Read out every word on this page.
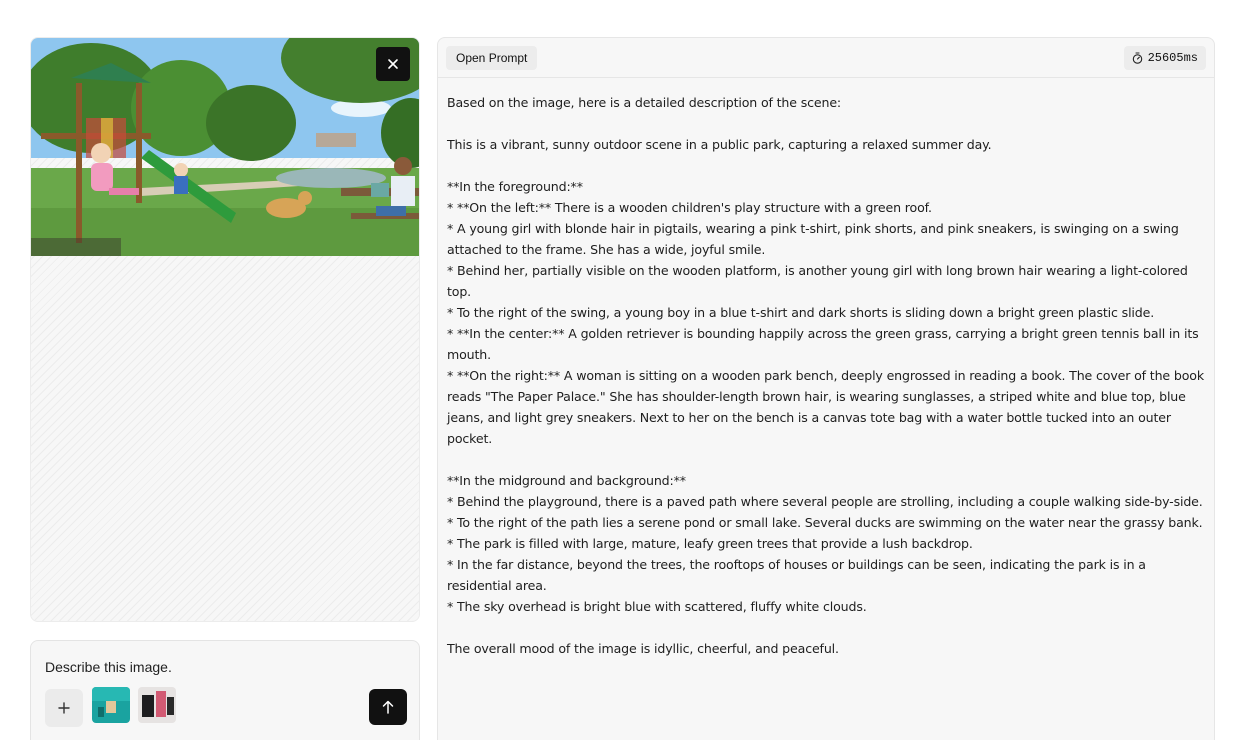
Describe this image.
Open Prompt	25605ms

Based on the image, here is a detailed description of the scene:

This is a vibrant, sunny outdoor scene in a public park, capturing a relaxed summer day.

**In the foreground:**

* **On the left:** There is a wooden children's play structure with a green roof.

* A young girl with blonde hair in pigtails, wearing a pink t-shirt, pink shorts, and pink sneakers, is swinging on a swing attached to the frame. She has a wide, joyful smile.

* Behind her, partially visible on the wooden platform, is another young girl with long brown hair wearing a light-colored top.

* To the right of the swing, a young boy in a blue t-shirt and dark shorts is sliding down a bright green plastic slide.

* **In the center:** A golden retriever is bounding happily across the green grass, carrying a bright green tennis ball in its mouth.

* **On the right:** A woman is sitting on a wooden park bench, deeply engrossed in reading a book. The cover of the book reads "The Paper Palace." She has shoulder-length brown hair, is wearing sunglasses, a striped white and blue top, blue jeans, and light grey sneakers. Next to her on the bench is a canvas tote bag with a water bottle tucked into an outer pocket.

**In the midground and background:**

* Behind the playground, there is a paved path where several people are strolling, including a couple walking side-by-side.

* To the right of the path lies a serene pond or small lake. Several ducks are swimming on the water near the grassy bank.

* The park is filled with large, mature, leafy green trees that provide a lush backdrop.

* In the far distance, beyond the trees, the rooftops of houses or buildings can be seen, indicating the park is in a residential area.

* The sky overhead is bright blue with scattered, fluffy white clouds.

The overall mood of the image is idyllic, cheerful, and peaceful.
